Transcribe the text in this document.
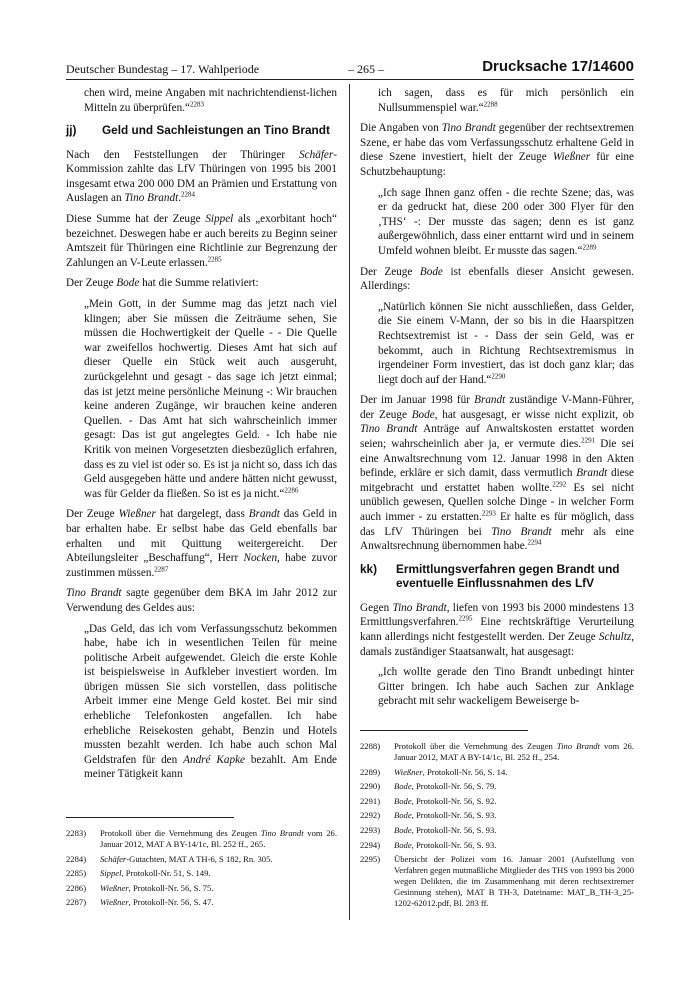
Deutscher Bundestag – 17. Wahlperiode	– 265 –	Drucksache 17/14600

chen wird, meine Angaben mit nachrichtendienst-lichen Mitteln zu überprüfen.“$^{2283}$

jj)	Geld und Sachleistungen an Tino Brandt

Nach den Feststellungen der Thüringer Schäfer-Kommission zahlte das LfV Thüringen von 1995 bis 2001 insgesamt etwa 200 000 DM an Prämien und Erstattung von Auslagen an Tino Brandt.$^{2284}$

Diese Summe hat der Zeuge Sippel als „exorbitant hoch“ bezeichnet. Deswegen habe er auch bereits zu Beginn seiner Amtszeit für Thüringen eine Richtlinie zur Begrenzung der Zahlungen an V-Leute erlassen.$^{2285}$

Der Zeuge Bode hat die Summe relativiert:

„Mein Gott, in der Summe mag das jetzt nach viel klingen; aber Sie müssen die Zeiträume sehen, Sie müssen die Hochwertigkeit der Quelle - - Die Quelle war zweifellos hochwertig. Dieses Amt hat sich auf dieser Quelle ein Stück weit auch ausgeruht, zurückgelehnt und gesagt - das sage ich jetzt einmal; das ist jetzt meine persönliche Meinung -: Wir brauchen keine anderen Zugänge, wir brauchen keine anderen Quellen. - Das Amt hat sich wahrscheinlich immer gesagt: Das ist gut angelegtes Geld. - Ich habe nie Kritik von meinen Vorgesetzten diesbezüglich erfahren, dass es zu viel ist oder so. Es ist ja nicht so, dass ich das Geld ausgegeben hätte und andere hätten nicht gewusst, was für Gelder da fließen. So ist es ja nicht.“$^{2286}$

Der Zeuge Wießner hat dargelegt, dass Brandt das Geld in bar erhalten habe. Er selbst habe das Geld ebenfalls bar erhalten und mit Quittung weitergereicht. Der Abteilungsleiter „Beschaffung“, Herr Nocken, habe zuvor zustimmen müssen.$^{2287}$

Tino Brandt sagte gegenüber dem BKA im Jahr 2012 zur Verwendung des Geldes aus:

„Das Geld, das ich vom Verfassungsschutz bekommen habe, habe ich in wesentlichen Teilen für meine politische Arbeit aufgewendet. Gleich die erste Kohle ist beispielsweise in Aufkleber investiert worden. Im übrigen müssen Sie sich vorstellen, dass politische Arbeit immer eine Menge Geld kostet. Bei mir sind erhebliche Telefonkosten angefallen. Ich habe erhebliche Reisekosten gehabt, Benzin und Hotels mussten bezahlt werden. Ich habe auch schon Mal Geldstrafen für den André Kapke bezahlt. Am Ende meiner Tätigkeit kann

ich sagen, dass es für mich persönlich ein Nullsummenspiel war.“$^{2288}$

Die Angaben von Tino Brandt gegenüber der rechtsextremen Szene, er habe das vom Verfassungsschutz erhaltene Geld in diese Szene investiert, hielt der Zeuge Wießner für eine Schutzbehauptung:

„Ich sage Ihnen ganz offen - die rechte Szene; das, was er da gedruckt hat, diese 200 oder 300 Flyer für den ‚THS‘ -: Der musste das sagen; denn es ist ganz außergewöhnlich, dass einer enttarnt wird und in seinem Umfeld wohnen bleibt. Er musste das sagen.“$^{2289}$

Der Zeuge Bode ist ebenfalls dieser Ansicht gewesen. Allerdings:

„Natürlich können Sie nicht ausschließen, dass Gelder, die Sie einem V-Mann, der so bis in die Haarspitzen Rechtsextremist ist - - Dass der sein Geld, was er bekommt, auch in Richtung Rechtsextremismus in irgendeiner Form investiert, das ist doch ganz klar; das liegt doch auf der Hand.“$^{2290}$

Der im Januar 1998 für Brandt zuständige V-Mann-Führer, der Zeuge Bode, hat ausgesagt, er wisse nicht explizit, ob Tino Brandt Anträge auf Anwaltskosten erstattet worden seien; wahrscheinlich aber ja, er vermute dies.$^{2291}$ Die sei eine Anwaltsrechnung vom 12. Januar 1998 in den Akten befinde, erkläre er sich damit, dass vermutlich Brandt diese mitgebracht und erstattet haben wollte.$^{2292}$ Es sei nicht unüblich gewesen, Quellen solche Dinge - in welcher Form auch immer - zu erstatten.$^{2293}$ Er halte es für möglich, dass das LfV Thüringen bei Tino Brandt mehr als eine Anwaltsrechnung übernommen habe.$^{2294}$

kk)	Ermittlungsverfahren gegen Brandt und eventuelle Einflussnahmen des LfV

Gegen Tino Brandt, liefen von 1993 bis 2000 mindestens 13 Ermittlungsverfahren.$^{2295}$ Eine rechtskräftige Verurteilung kann allerdings nicht festgestellt werden. Der Zeuge Schultz, damals zuständiger Staatsanwalt, hat ausgesagt:

„Ich wollte gerade den Tino Brandt unbedingt hinter Gitter bringen. Ich habe auch Sachen zur Anklage gebracht mit sehr wackeligem Beweiserge b-

2283)	Protokoll über die Vernehmung des Zeugen Tino Brandt vom 26. Januar 2012, MAT A BY-14/1c, Bl. 252 ff., 265.
2284)	Schäfer-Gutachten, MAT A TH-6, S 182, Rn. 305.
2285)	Sippel, Protokoll-Nr. 51, S. 149.
2286)	Wießner, Protokoll-Nr. 56, S. 75.
2287)	Wießner, Protokoll-Nr. 56, S. 47.
2288)	Protokoll über die Vernehmung des Zeugen Tino Brandt vom 26. Januar 2012, MAT A BY-14/1c, Bl. 252 ff., 254.
2289)	Wießner, Protokoll-Nr. 56, S. 14.
2290)	Bode, Protokoll-Nr. 56, S. 79.
2291)	Bode, Protokoll-Nr. 56, S. 92.
2292)	Bode, Protokoll-Nr. 56, S. 93.
2293)	Bode, Protokoll-Nr. 56, S. 93.
2294)	Bode, Protokoll-Nr. 56, S. 93.
2295)	Übersicht der Polizei vom 16. Januar 2001 (Aufstellung von Verfahren gegen mutmaßliche Mitglieder des THS von 1993 bis 2000 wegen Delikten, die im Zusammenhang mit deren rechtsextremer Gesinnung stehen), MAT B TH-3, Dateiname: MAT_B_TH-3_25-1202-62012.pdf, Bl. 283 ff.
